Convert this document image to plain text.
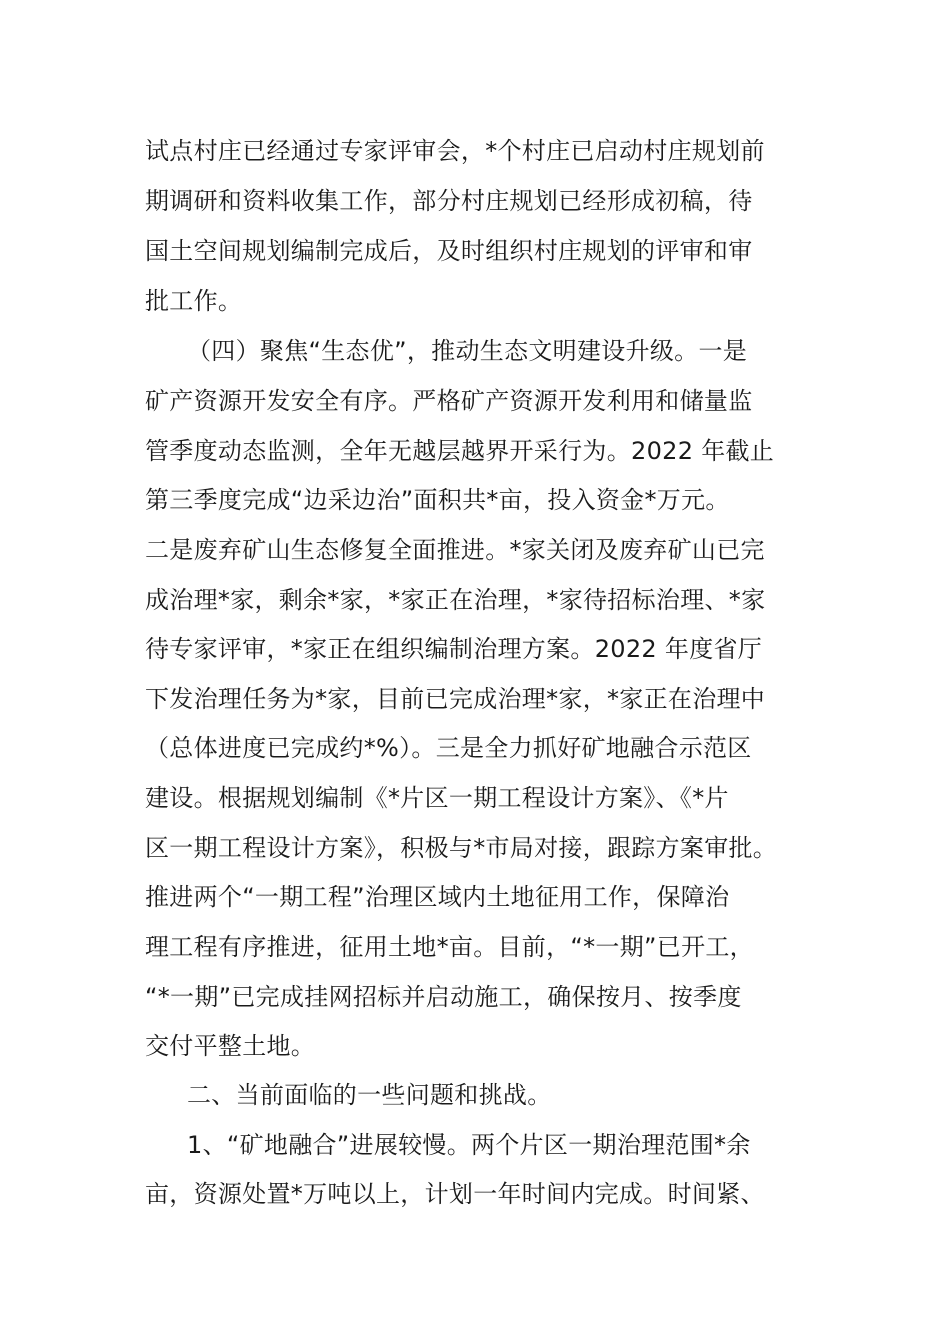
试点村庄已经通过专家评审会，*个村庄已启动村庄规划前
期调研和资料收集工作，部分村庄规划已经形成初稿，待
国土空间规划编制完成后，及时组织村庄规划的评审和审
批工作。
（四）聚焦“生态优”，推动生态文明建设升级。一是
矿产资源开发安全有序。严格矿产资源开发利用和储量监
管季度动态监测，全年无越层越界开采行为。2022 年截止
第三季度完成“边采边治”面积共*亩，投入资金*万元。
二是废弃矿山生态修复全面推进。*家关闭及废弃矿山已完
成治理*家，剩余*家，*家正在治理，*家待招标治理、*家
待专家评审，*家正在组织编制治理方案。2022 年度省厅
下发治理任务为*家，目前已完成治理*家，*家正在治理中
（总体进度已完成约*%）。三是全力抓好矿地融合示范区
建设。根据规划编制《*片区一期工程设计方案》、《*片
区一期工程设计方案》，积极与*市局对接，跟踪方案审批。
推进两个“一期工程”治理区域内土地征用工作，保障治
理工程有序推进，征用土地*亩。目前，“*一期”已开工，
“*一期”已完成挂网招标并启动施工，确保按月、按季度
交付平整土地。
二、当前面临的一些问题和挑战。
1、“矿地融合”进展较慢。两个片区一期治理范围*余
亩，资源处置*万吨以上，计划一年时间内完成。时间紧、
